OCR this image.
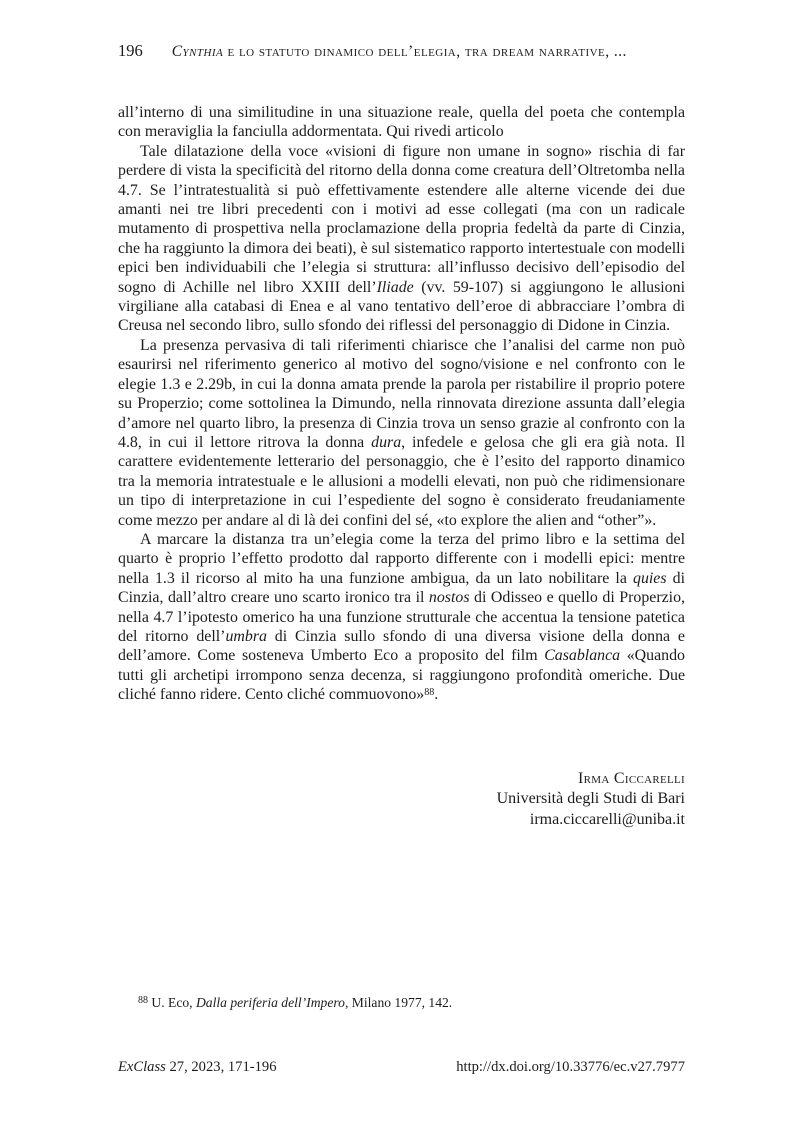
196 Cynthia e lo statuto dinamico dell’elegia, tra dream narrative, ...

all’interno di una similitudine in una situazione reale, quella del poeta che contempla con meraviglia la fanciulla addormentata. Qui rivedi articolo

Tale dilatazione della voce «visioni di figure non umane in sogno» rischia di far perdere di vista la specificità del ritorno della donna come creatura dell’Oltretomba nella 4.7. Se l’intratestualità si può effettivamente estendere alle alterne vicende dei due amanti nei tre libri precedenti con i motivi ad esse collegati (ma con un radicale mutamento di prospettiva nella proclamazione della propria fedeltà da parte di Cinzia, che ha raggiunto la dimora dei beati), è sul sistematico rapporto intertestuale con modelli epici ben individuabili che l’elegia si struttura: all’influsso decisivo dell’episodio del sogno di Achille nel libro XXIII dell’Iliade (vv. 59-107) si aggiungono le allusioni virgiliane alla catabasi di Enea e al vano tentativo dell’eroe di abbracciare l’ombra di Creusa nel secondo libro, sullo sfondo dei riflessi del personaggio di Didone in Cinzia.

La presenza pervasiva di tali riferimenti chiarisce che l’analisi del carme non può esaurirsi nel riferimento generico al motivo del sogno/visione e nel confronto con le elegie 1.3 e 2.29b, in cui la donna amata prende la parola per ristabilire il proprio potere su Properzio; come sottolinea la Dimundo, nella rinnovata direzione assunta dall’elegia d’amore nel quarto libro, la presenza di Cinzia trova un senso grazie al confronto con la 4.8, in cui il lettore ritrova la donna dura, infedele e gelosa che gli era già nota. Il carattere evidentemente letterario del personaggio, che è l’esito del rapporto dinamico tra la memoria intratestuale e le allusioni a modelli elevati, non può che ridimensionare un tipo di interpretazione in cui l’espediente del sogno è considerato freudaniamente come mezzo per andare al di là dei confini del sé, «to explore the alien and “other”».

A marcare la distanza tra un’elegia come la terza del primo libro e la settima del quarto è proprio l’effetto prodotto dal rapporto differente con i modelli epici: mentre nella 1.3 il ricorso al mito ha una funzione ambigua, da un lato nobilitare la quies di Cinzia, dall’altro creare uno scarto ironico tra il nostos di Odisseo e quello di Properzio, nella 4.7 l’ipotesto omerico ha una funzione strutturale che accentua la tensione patetica del ritorno dell’umbra di Cinzia sullo sfondo di una diversa visione della donna e dell’amore. Come sosteneva Umberto Eco a proposito del film Casablanca «Quando tutti gli archetipi irrompono senza decenza, si raggiungono profondità omeriche. Due cliché fanno ridere. Cento cliché commuovono»$^{88}$.

Irma Ciccarelli
Università degli Studi di Bari
irma.ciccarelli@uniba.it
$^{88}$ U. Eco, Dalla periferia dell’Impero, Milano 1977, 142.
ExClass 27, 2023, 171-196	http://dx.doi.org/10.33776/ec.v27.7977
